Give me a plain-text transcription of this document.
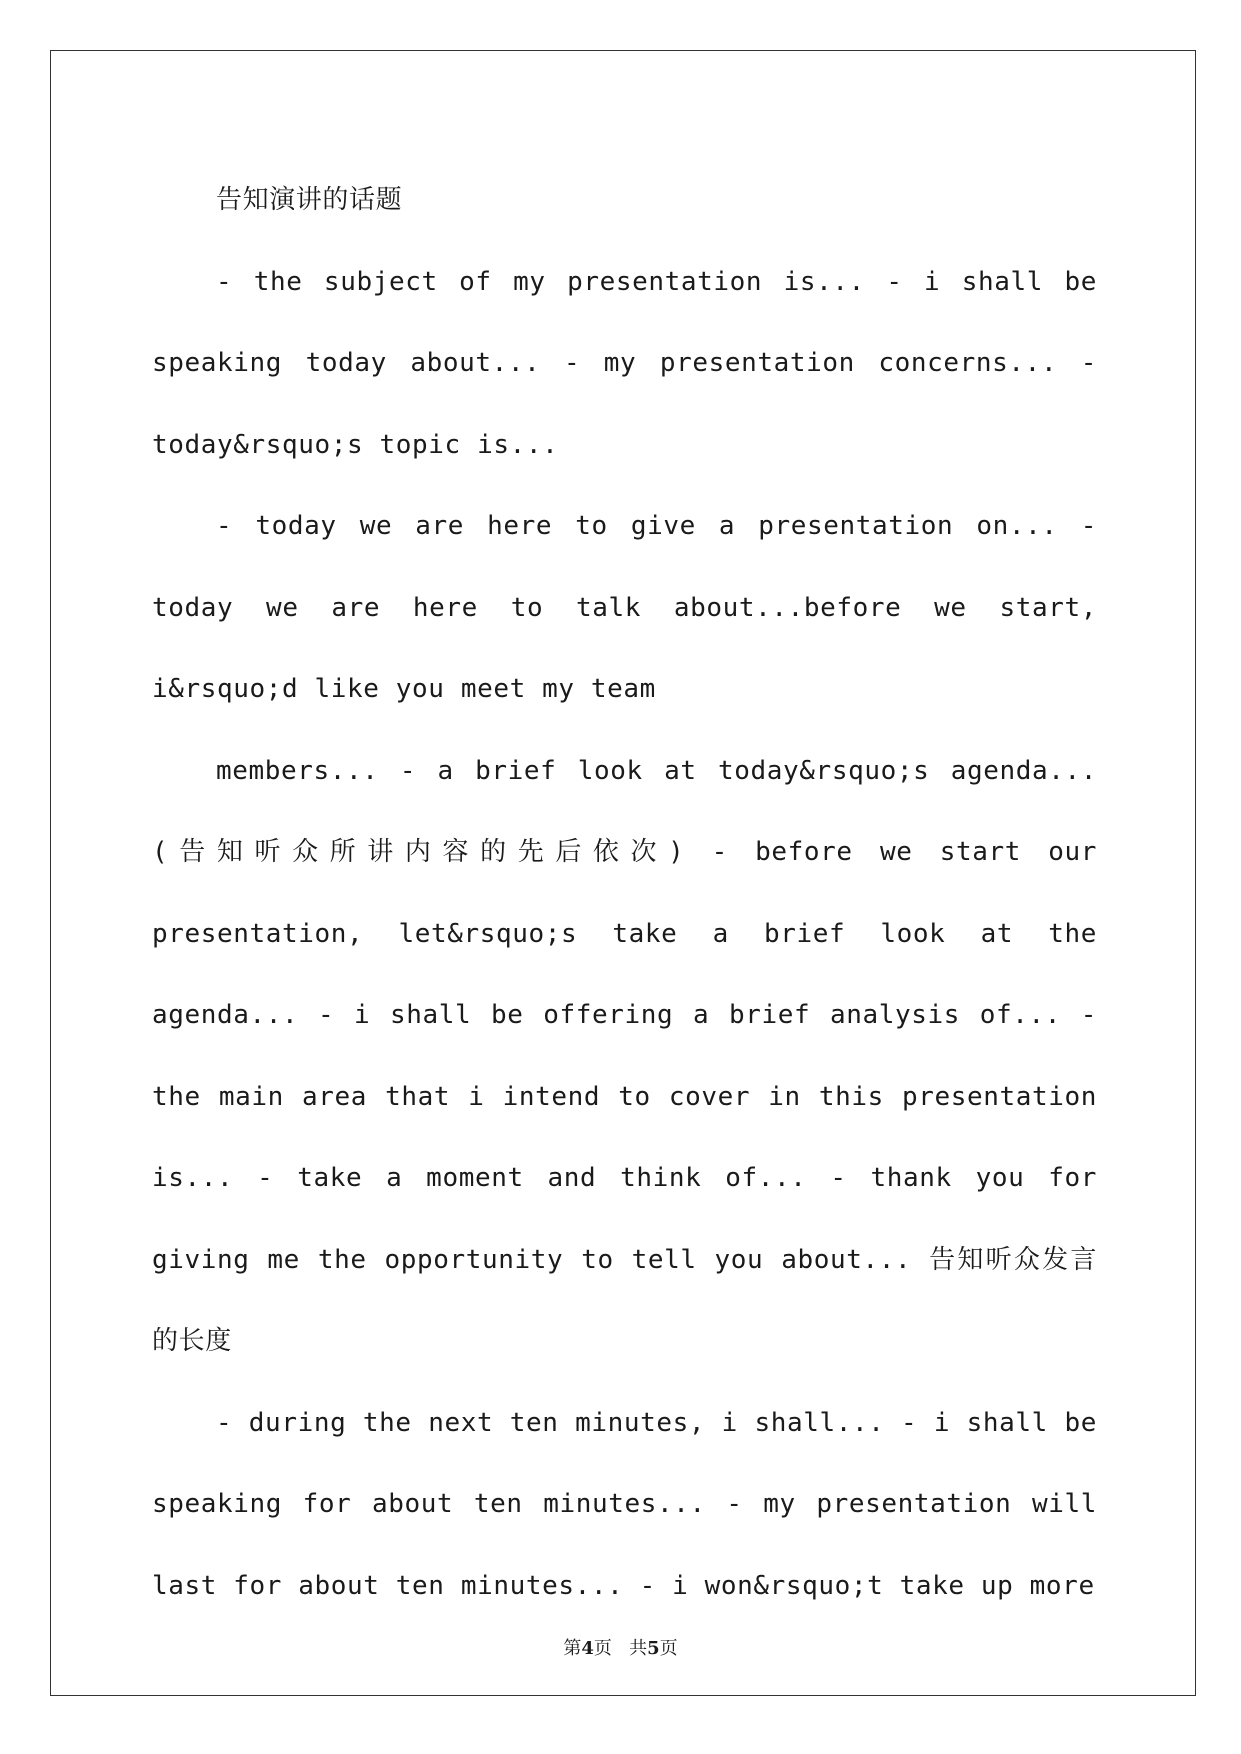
告知演讲的话题

- the subject of my presentation is... - i shall be speaking today about... - my presentation concerns... - today&rsquo;s topic is...

- today we are here to give a presentation on... - today we are here to talk about...before we start, i&rsquo;d like you meet my team

members... - a brief look at today&rsquo;s agenda...(告知听众所讲内容的先后依次) - before we start our presentation, let&rsquo;s take a brief look at the agenda... - i shall be offering a brief analysis of... - the main area that i intend to cover in this presentation is... - take a moment and think of... - thank you for giving me the opportunity to tell you about... 告知听众发言的长度

- during the next ten minutes, i shall... - i shall be speaking for about ten minutes... - my presentation will last for about ten minutes... - i won&rsquo;t take up more

第4页 共5页
